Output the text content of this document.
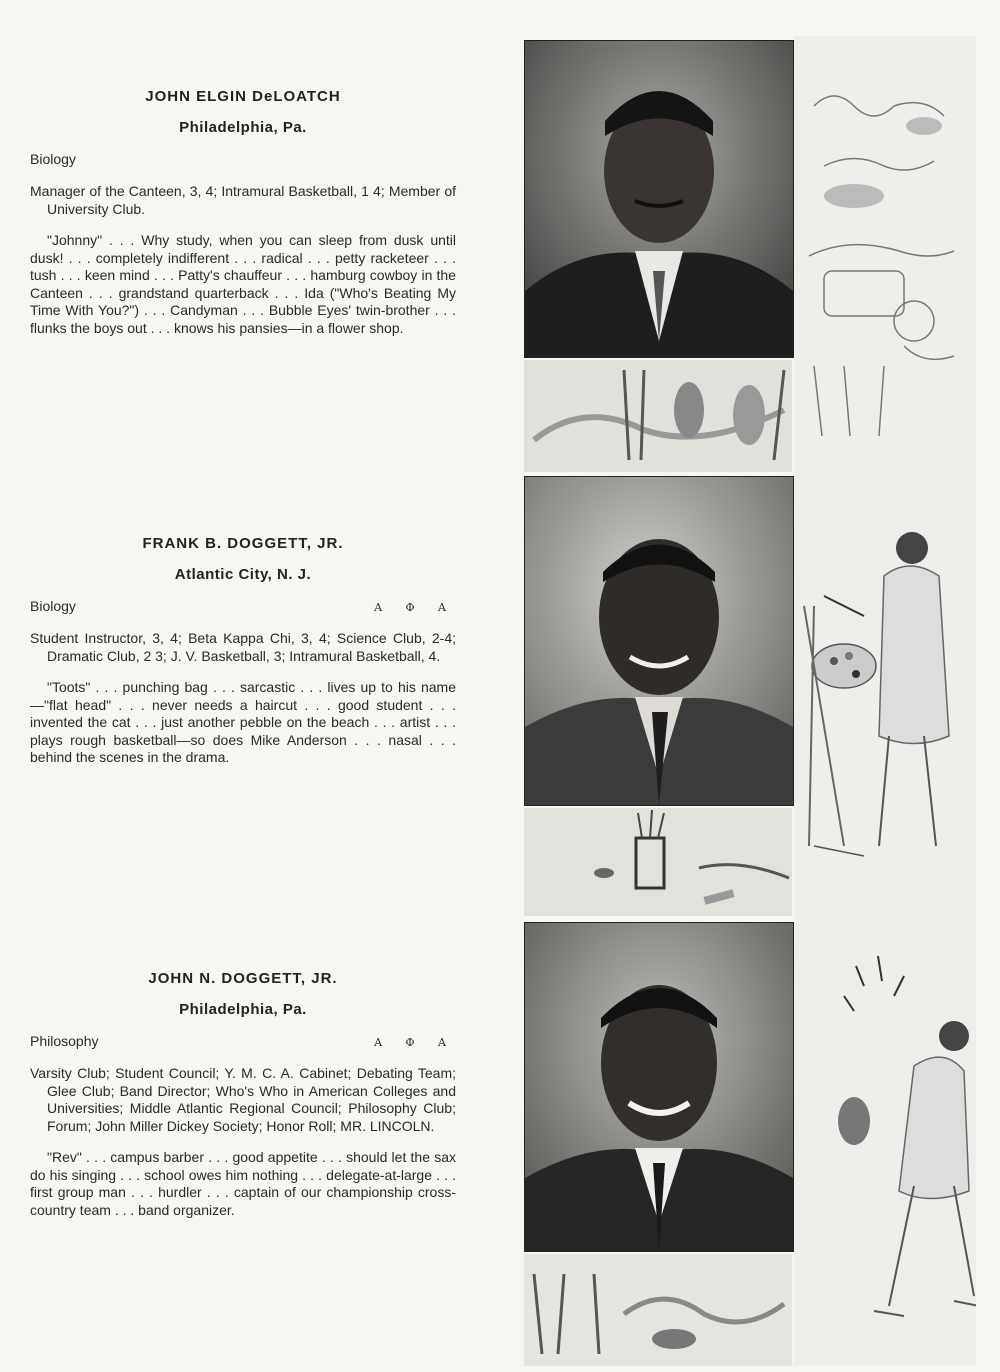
JOHN ELGIN DeLOATCH
Philadelphia, Pa.
Biology
Manager of the Canteen, 3, 4; Intramural Basketball, 1 4; Member of University Club.
"Johnny" . . . Why study, when you can sleep from dusk until dusk! . . . completely indifferent . . . radical . . . petty racketeer . . . tush . . . keen mind . . . Patty's chauffeur . . . hamburg cowboy in the Canteen . . . grandstand quarterback . . . Ida ("Who's Beating My Time With You?") . . . Candyman . . . Bubble Eyes' twin-brother . . . flunks the boys out . . . knows his pansies—in a flower shop.
FRANK B. DOGGETT, JR.
Atlantic City, N. J.
Biology	Α Φ Α
Student Instructor, 3, 4; Beta Kappa Chi, 3, 4; Science Club, 2-4; Dramatic Club, 2 3; J. V. Basketball, 3; Intramural Basketball, 4.
"Toots" . . . punching bag . . . sarcastic . . . lives up to his name—"flat head" . . . never needs a haircut . . . good student . . . invented the cat . . . just another pebble on the beach . . . artist . . . plays rough basketball—so does Mike Anderson . . . nasal . . . behind the scenes in the drama.
JOHN N. DOGGETT, JR.
Philadelphia, Pa.
Philosophy	Α Φ Α
Varsity Club; Student Council; Y. M. C. A. Cabinet; Debating Team; Glee Club; Band Director; Who's Who in American Colleges and Universities; Middle Atlantic Regional Council; Philosophy Club; Forum; John Miller Dickey Society; Honor Roll; MR. LINCOLN.
"Rev" . . . campus barber . . . good appetite . . . should let the sax do his singing . . . school owes him nothing . . . delegate-at-large . . . first group man . . . hurdler . . . captain of our championship cross-country team . . . band organizer.
